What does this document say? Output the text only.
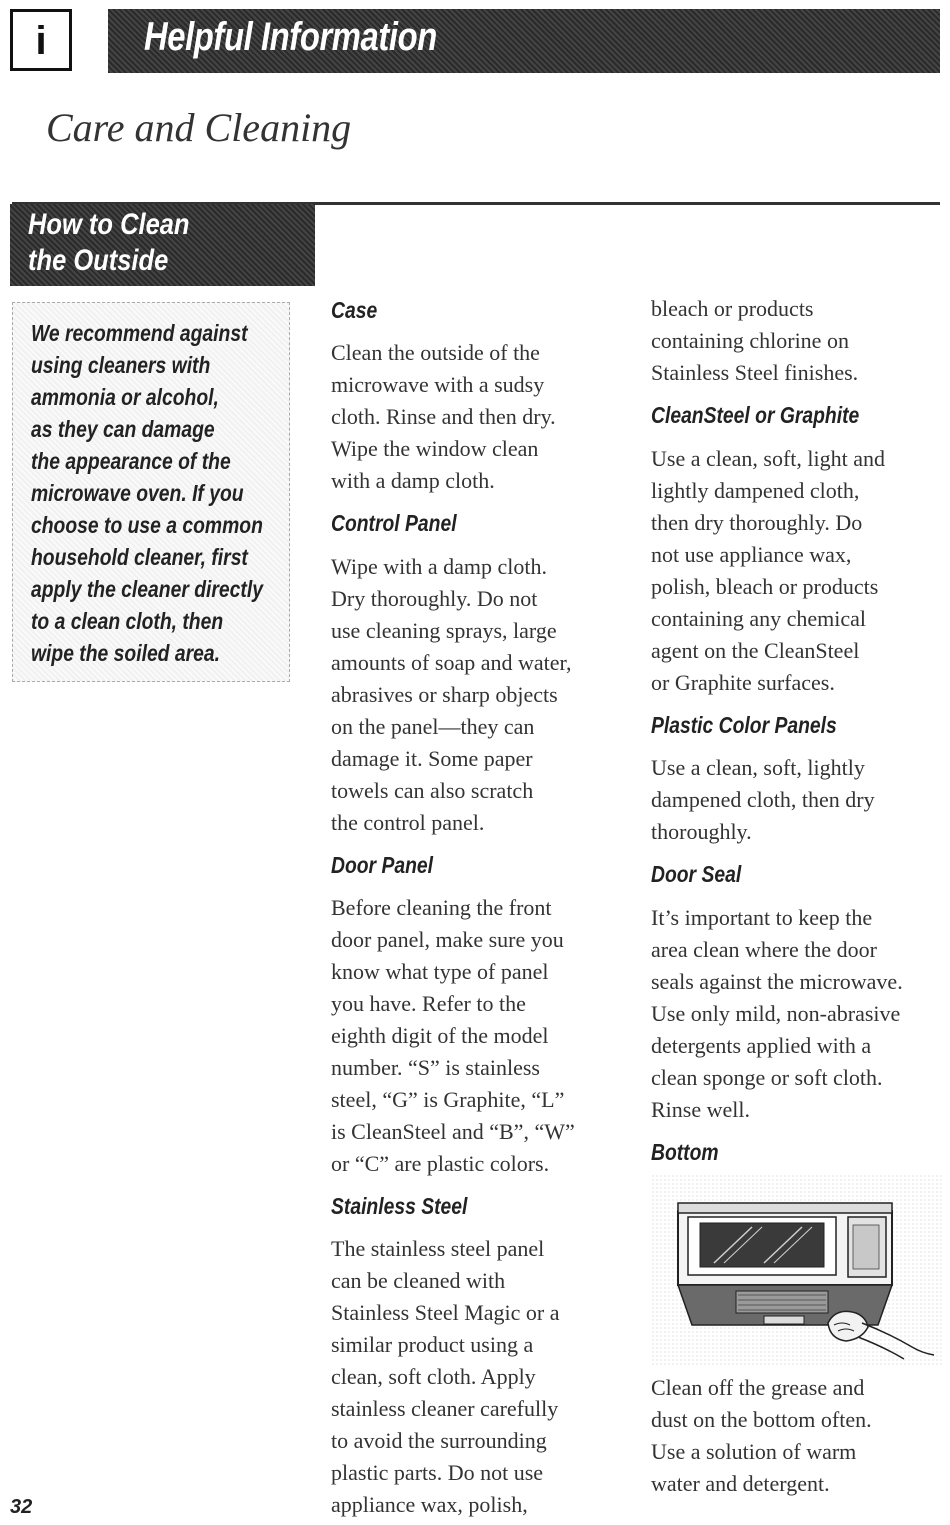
i	Helpful Information
Care and Cleaning
How to Clean
the Outside
We recommend against
using cleaners with
ammonia or alcohol,
as they can damage
the appearance of the
microwave oven. If you
choose to use a common
household cleaner, first
apply the cleaner directly
to a clean cloth, then
wipe the soiled area.
Case
Clean the outside of the
microwave with a sudsy
cloth. Rinse and then dry.
Wipe the window clean
with a damp cloth.
Control Panel
Wipe with a damp cloth.
Dry thoroughly. Do not
use cleaning sprays, large
amounts of soap and water,
abrasives or sharp objects
on the panel—they can
damage it. Some paper
towels can also scratch
the control panel.
Door Panel
Before cleaning the front
door panel, make sure you
know what type of panel
you have. Refer to the
eighth digit of the model
number. “S” is stainless
steel, “G” is Graphite, “L”
is CleanSteel and “B”, “W”
or “C” are plastic colors.
Stainless Steel
The stainless steel panel
can be cleaned with
Stainless Steel Magic or a
similar product using a
clean, soft cloth. Apply
stainless cleaner carefully
to avoid the surrounding
plastic parts. Do not use
appliance wax, polish,
bleach or products
containing chlorine on
Stainless Steel finishes.
CleanSteel or Graphite
Use a clean, soft, light and
lightly dampened cloth,
then dry thoroughly. Do
not use appliance wax,
polish, bleach or products
containing any chemical
agent on the CleanSteel
or Graphite surfaces.
Plastic Color Panels
Use a clean, soft, lightly
dampened cloth, then dry
thoroughly.
Door Seal
It’s important to keep the
area clean where the door
seals against the microwave.
Use only mild, non-abrasive
detergents applied with a
clean sponge or soft cloth.
Rinse well.
Bottom
Clean off the grease and
dust on the bottom often.
Use a solution of warm
water and detergent.
32
